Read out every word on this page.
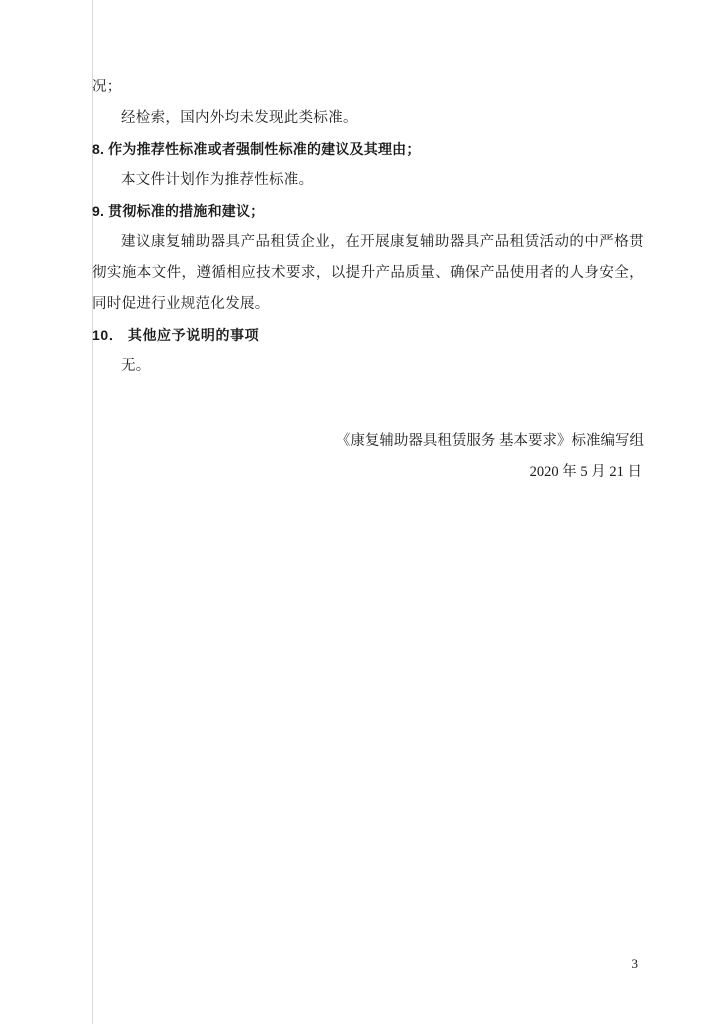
况；

经检索，国内外均未发现此类标准。

8. 作为推荐性标准或者强制性标准的建议及其理由；

本文件计划作为推荐性标准。

9. 贯彻标准的措施和建议；

建议康复辅助器具产品租赁企业，在开展康复辅助器具产品租赁活动的中严格贯彻实施本文件，遵循相应技术要求，以提升产品质量、确保产品使用者的人身安全，同时促进行业规范化发展。

10． 其他应予说明的事项

无。

《康复辅助器具租赁服务 基本要求》标准编写组
2020 年 5 月 21 日
3
